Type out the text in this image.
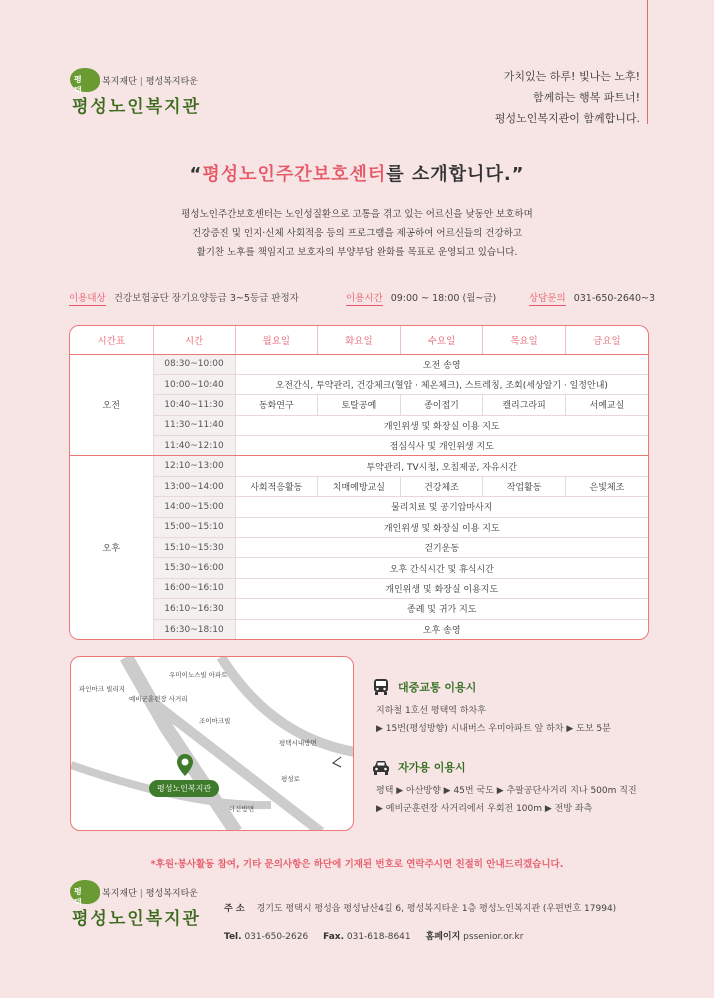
평택
복지재단 | 평성복지타운
평성노인복지관
가치있는 하루! 빛나는 노후!
함께하는 행복 파트너!
평성노인복지관이 함께합니다.
“평성노인주간보호센터를 소개합니다.”
평성노인주간보호센터는 노인성질환으로 고통을 겪고 있는 어르신을 낮동안 보호하며
건강증진 및 인지·신체 사회적응 등의 프로그램을 제공하여 어르신들의 건강하고
활기찬 노후를 책임지고 보호자의 부양부담 완화를 목표로 운영되고 있습니다.
이용대상 건강보험공단 장기요양등급 3~5등급 판정자	이용시간 09:00 ~ 18:00 (월~금)	상담문의 031-650-2640~3
시간표	시간	월요일	화요일	수요일	목요일	금요일
오전	08:30~10:00	오전 송영				
	10:00~10:40	오전간식, 투약관리, 건강체크(혈압 · 체온체크), 스트레칭, 조회(세상알기 · 일정안내)				
	10:40~11:30	동화연구	토탈공예	종이접기	캘리그라피	서예교실
	11:30~11:40	개인위생 및 화장실 이용 지도				
	11:40~12:10	점심식사 및 개인위생 지도				
오후	12:10~13:00	투약관리, TV시청, 오침제공, 자유시간				
	13:00~14:00	사회적응활동	치매예방교실	건강체조	작업활동	은빛체조
	14:00~15:00	물리치료 및 공기압마사지				
	15:00~15:10	개인위생 및 화장실 이용 지도				
	15:10~15:30	걷기운동				
	15:30~16:00	오후 간식시간 및 휴식시간				
	16:00~16:10	개인위생 및 화장실 이용지도				
	16:10~16:30	종례 및 귀가 지도				
	16:30~18:10	오후 송영				
파인마크 빌리지
우미이노스빌 아파트
예비군훈련장 사거리
조이마크빌
평택시내방면
평성로
아산방면
평성노인복지관
대중교통 이용시
지하철 1호선 평택역 하차후
▶ 15번(평성방향) 시내버스 우미아파트 앞 하차 ▶ 도보 5분
자가용 이용시
평택 ▶ 아산방향 ▶ 45번 국도 ▶ 추팔공단사거리 지나 500m 직진
▶ 예비군훈련장 사거리에서 우회전 100m ▶ 전방 좌측
*후원·봉사활동 참여, 기타 문의사항은 하단에 기재된 번호로 연락주시면 친절히 안내드리겠습니다.
평택
복지재단 | 평성복지타운
평성노인복지관	주 소 경기도 평택시 평성읍 평성남산4길 6, 평성복지타운 1층 평성노인복지관 (우편번호 17994)
Tel. 031-650-2626 Fax. 031-618-8641 홈페이지 pssenior.or.kr
